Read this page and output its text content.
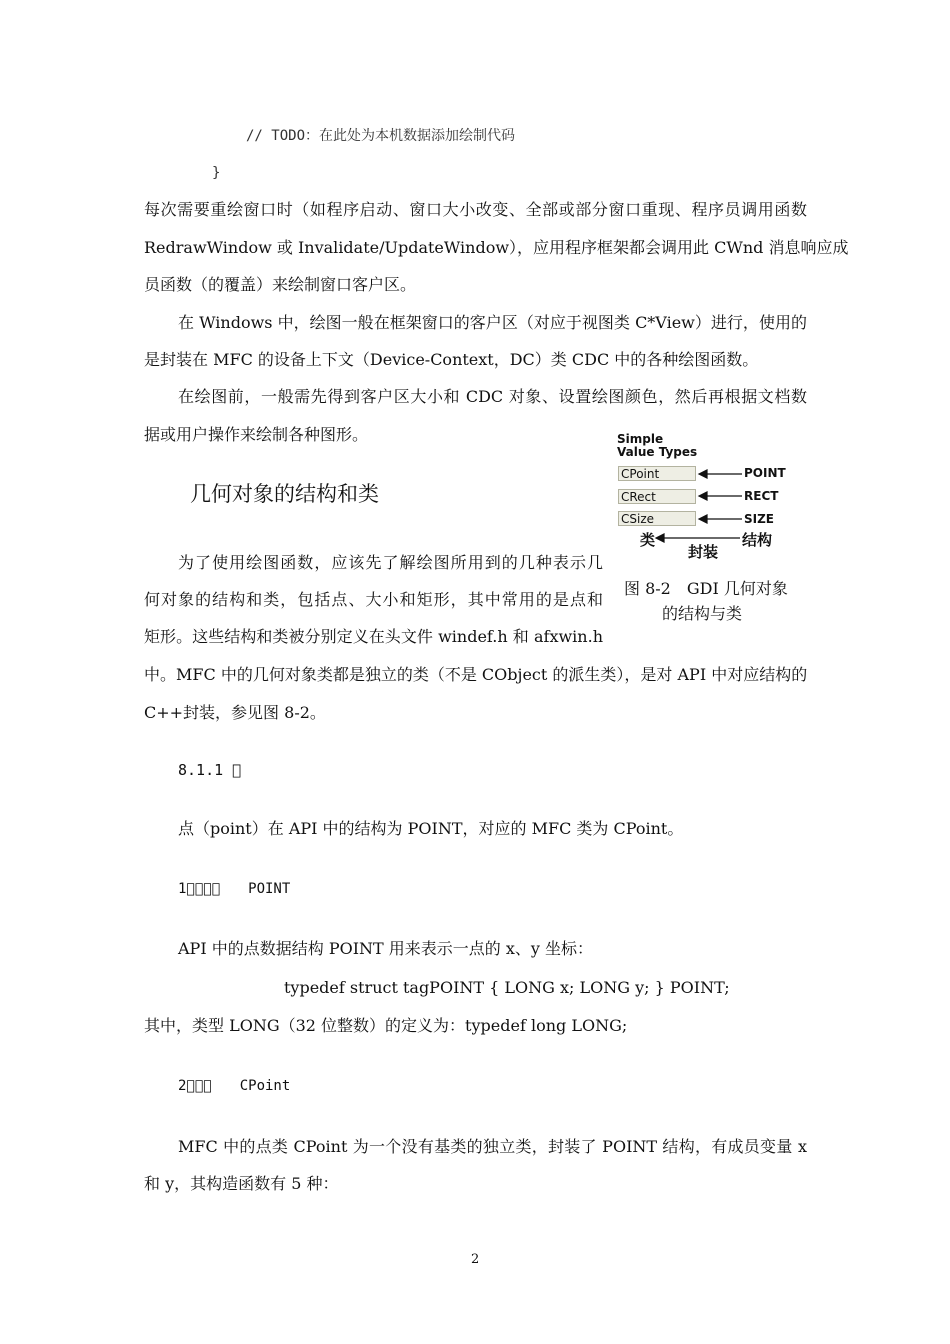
// TODO：在此处为本机数据添加绘制代码
}
每次需要重绘窗口时（如程序启动、窗口大小改变、全部或部分窗口重现、程序员调用函数
RedrawWindow 或 Invalidate/UpdateWindow），应用程序框架都会调用此 CWnd 消息响应成
员函数（的覆盖）来绘制窗口客户区。
在 Windows 中，绘图一般在框架窗口的客户区（对应于视图类 C*View）进行，使用的
是封装在 MFC 的设备上下文（Device-Context，DC）类 CDC 中的各种绘图函数。
在绘图前，一般需先得到客户区大小和 CDC 对象、设置绘图颜色，然后再根据文档数
据或用户操作来绘制各种图形。
几何对象的结构和类
Simple
Value Types
CPoint
CRect
CSize
POINT
RECT
SIZE
类
封装
结构
图 8-2　GDI 几何对象
的结构与类
为了使用绘图函数，应该先了解绘图所用到的几种表示几
何对象的结构和类，包括点、大小和矩形，其中常用的是点和
矩形。这些结构和类被分别定义在头文件 windef.h 和 afxwin.h
中。MFC 中的几何对象类都是独立的类（不是 CObject 的派生类），是对 API 中对应结构的
C++封装，参见图 8-2。
8.1.1 ￿
点（point）在 API 中的结构为 POINT，对应的 MFC 类为 CPoint。
1￿￿￿￿　　POINT
API 中的点数据结构 POINT 用来表示一点的 x、y 坐标：
typedef struct tagPOINT { LONG x; LONG y; } POINT;
其中，类型 LONG（32 位整数）的定义为：typedef long LONG;
2￿￿￿　　CPoint
MFC 中的点类 CPoint 为一个没有基类的独立类，封装了 POINT 结构，有成员变量 x
和 y，其构造函数有 5 种：
2
